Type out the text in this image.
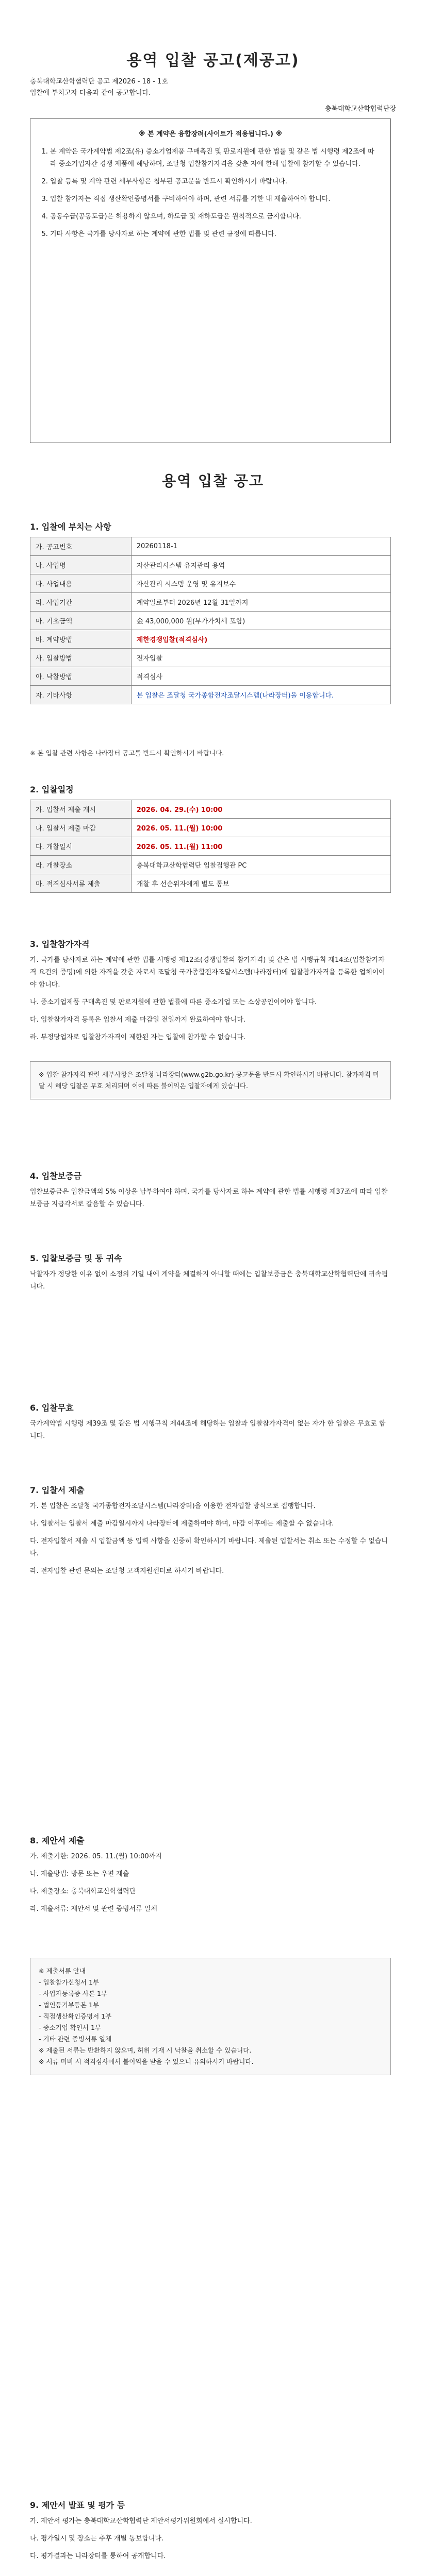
용역 입찰 공고(제공고)
충북대학교산학협력단 공고 제2026 - 18 - 1호
입찰에 부치고자 다음과 같이 공고합니다.
충북대학교산학협력단장
※ 본 계약은 융합장려(사이트가 적용됩니다.) ※
1. 본 계약은 국가계약법 제2조(유) 중소기업제품 구매촉진 및 판로지원에 관한 법률 및 같은 법 시행령 제2조에 따라 중소기업자간 경쟁 제품에 해당하며, 조달청 입찰참가자격을 갖춘 자에 한해 입찰에 참가할 수 있습니다.
2. 입찰 등록 및 계약 관련 세부사항은 첨부된 공고문을 반드시 확인하시기 바랍니다.
3. 입찰 참가자는 직접 생산확인증명서를 구비하여야 하며, 관련 서류를 기한 내 제출하여야 합니다.
4. 공동수급(공동도급)은 허용하지 않으며, 하도급 및 재하도급은 원칙적으로 금지합니다.
5. 기타 사항은 국가를 당사자로 하는 계약에 관한 법률 및 관련 규정에 따릅니다.
용역 입찰 공고
1. 입찰에 부치는 사항
가. 공고번호	20260118-1
나. 사업명	자산관리시스템 유지관리 용역
다. 사업내용	자산관리 시스템 운영 및 유지보수
라. 사업기간	계약일로부터 2026년 12월 31일까지
마. 기초금액	金 43,000,000 원(부가가치세 포함)
바. 계약방법	제한경쟁입찰(적격심사)
사. 입찰방법	전자입찰
아. 낙찰방법	적격심사
자. 기타사항	본 입찰은 조달청 국가종합전자조달시스템(나라장터)을 이용합니다.

※ 본 입찰 관련 사항은 나라장터 공고를 반드시 확인하시기 바랍니다.

2. 입찰일정
가. 입찰서 제출 개시	2026. 04. 29.(수) 10:00
나. 입찰서 제출 마감	2026. 05. 11.(월) 10:00
다. 개찰일시	2026. 05. 11.(월) 11:00
라. 개찰장소	충북대학교산학협력단 입찰집행관 PC
마. 적격심사서류 제출	개찰 후 선순위자에게 별도 통보
3. 입찰참가자격

가. 국가를 당사자로 하는 계약에 관한 법률 시행령 제12조(경쟁입찰의 참가자격) 및 같은 법 시행규칙 제14조(입찰참가자격 요건의 증명)에 의한 자격을 갖춘 자로서 조달청 국가종합전자조달시스템(나라장터)에 입찰참가자격을 등록한 업체이어야 합니다.

나. 중소기업제품 구매촉진 및 판로지원에 관한 법률에 따른 중소기업 또는 소상공인이어야 합니다.

다. 입찰참가자격 등록은 입찰서 제출 마감일 전일까지 완료하여야 합니다.

라. 부정당업자로 입찰참가자격이 제한된 자는 입찰에 참가할 수 없습니다.

※ 입찰 참가자격 관련 세부사항은 조달청 나라장터(www.g2b.go.kr) 공고문을 반드시 확인하시기 바랍니다. 참가자격 미달 시 해당 입찰은 무효 처리되며 이에 따른 불이익은 입찰자에게 있습니다.
4. 입찰보증금

입찰보증금은 입찰금액의 5% 이상을 납부하여야 하며, 국가를 당사자로 하는 계약에 관한 법률 시행령 제37조에 따라 입찰보증금 지급각서로 갈음할 수 있습니다.

5. 입찰보증금 및 동 귀속

낙찰자가 정당한 이유 없이 소정의 기일 내에 계약을 체결하지 아니할 때에는 입찰보증금은 충북대학교산학협력단에 귀속됩니다.

6. 입찰무효

국가계약법 시행령 제39조 및 같은 법 시행규칙 제44조에 해당하는 입찰과 입찰참가자격이 없는 자가 한 입찰은 무효로 합니다.

7. 입찰서 제출

가. 본 입찰은 조달청 국가종합전자조달시스템(나라장터)을 이용한 전자입찰 방식으로 집행합니다.

나. 입찰서는 입찰서 제출 마감일시까지 나라장터에 제출하여야 하며, 마감 이후에는 제출할 수 없습니다.

다. 전자입찰서 제출 시 입찰금액 등 입력 사항을 신중히 확인하시기 바랍니다. 제출된 입찰서는 취소 또는 수정할 수 없습니다.

라. 전자입찰 관련 문의는 조달청 고객지원센터로 하시기 바랍니다.

8. 제안서 제출

가. 제출기한: 2026. 05. 11.(월) 10:00까지

나. 제출방법: 방문 또는 우편 제출

다. 제출장소: 충북대학교산학협력단

라. 제출서류: 제안서 및 관련 증빙서류 일체

※ 제출서류 안내
- 입찰참가신청서 1부
- 사업자등록증 사본 1부
- 법인등기부등본 1부
- 직접생산확인증명서 1부
- 중소기업 확인서 1부
- 기타 관련 증빙서류 일체
※ 제출된 서류는 반환하지 않으며, 허위 기재 시 낙찰을 취소할 수 있습니다.
※ 서류 미비 시 적격심사에서 불이익을 받을 수 있으니 유의하시기 바랍니다.
9. 제안서 발표 및 평가 등

가. 제안서 평가는 충북대학교산학협력단 제안서평가위원회에서 실시합니다.

나. 평가일시 및 장소는 추후 개별 통보합니다.

다. 평가결과는 나라장터를 통하여 공개합니다.
